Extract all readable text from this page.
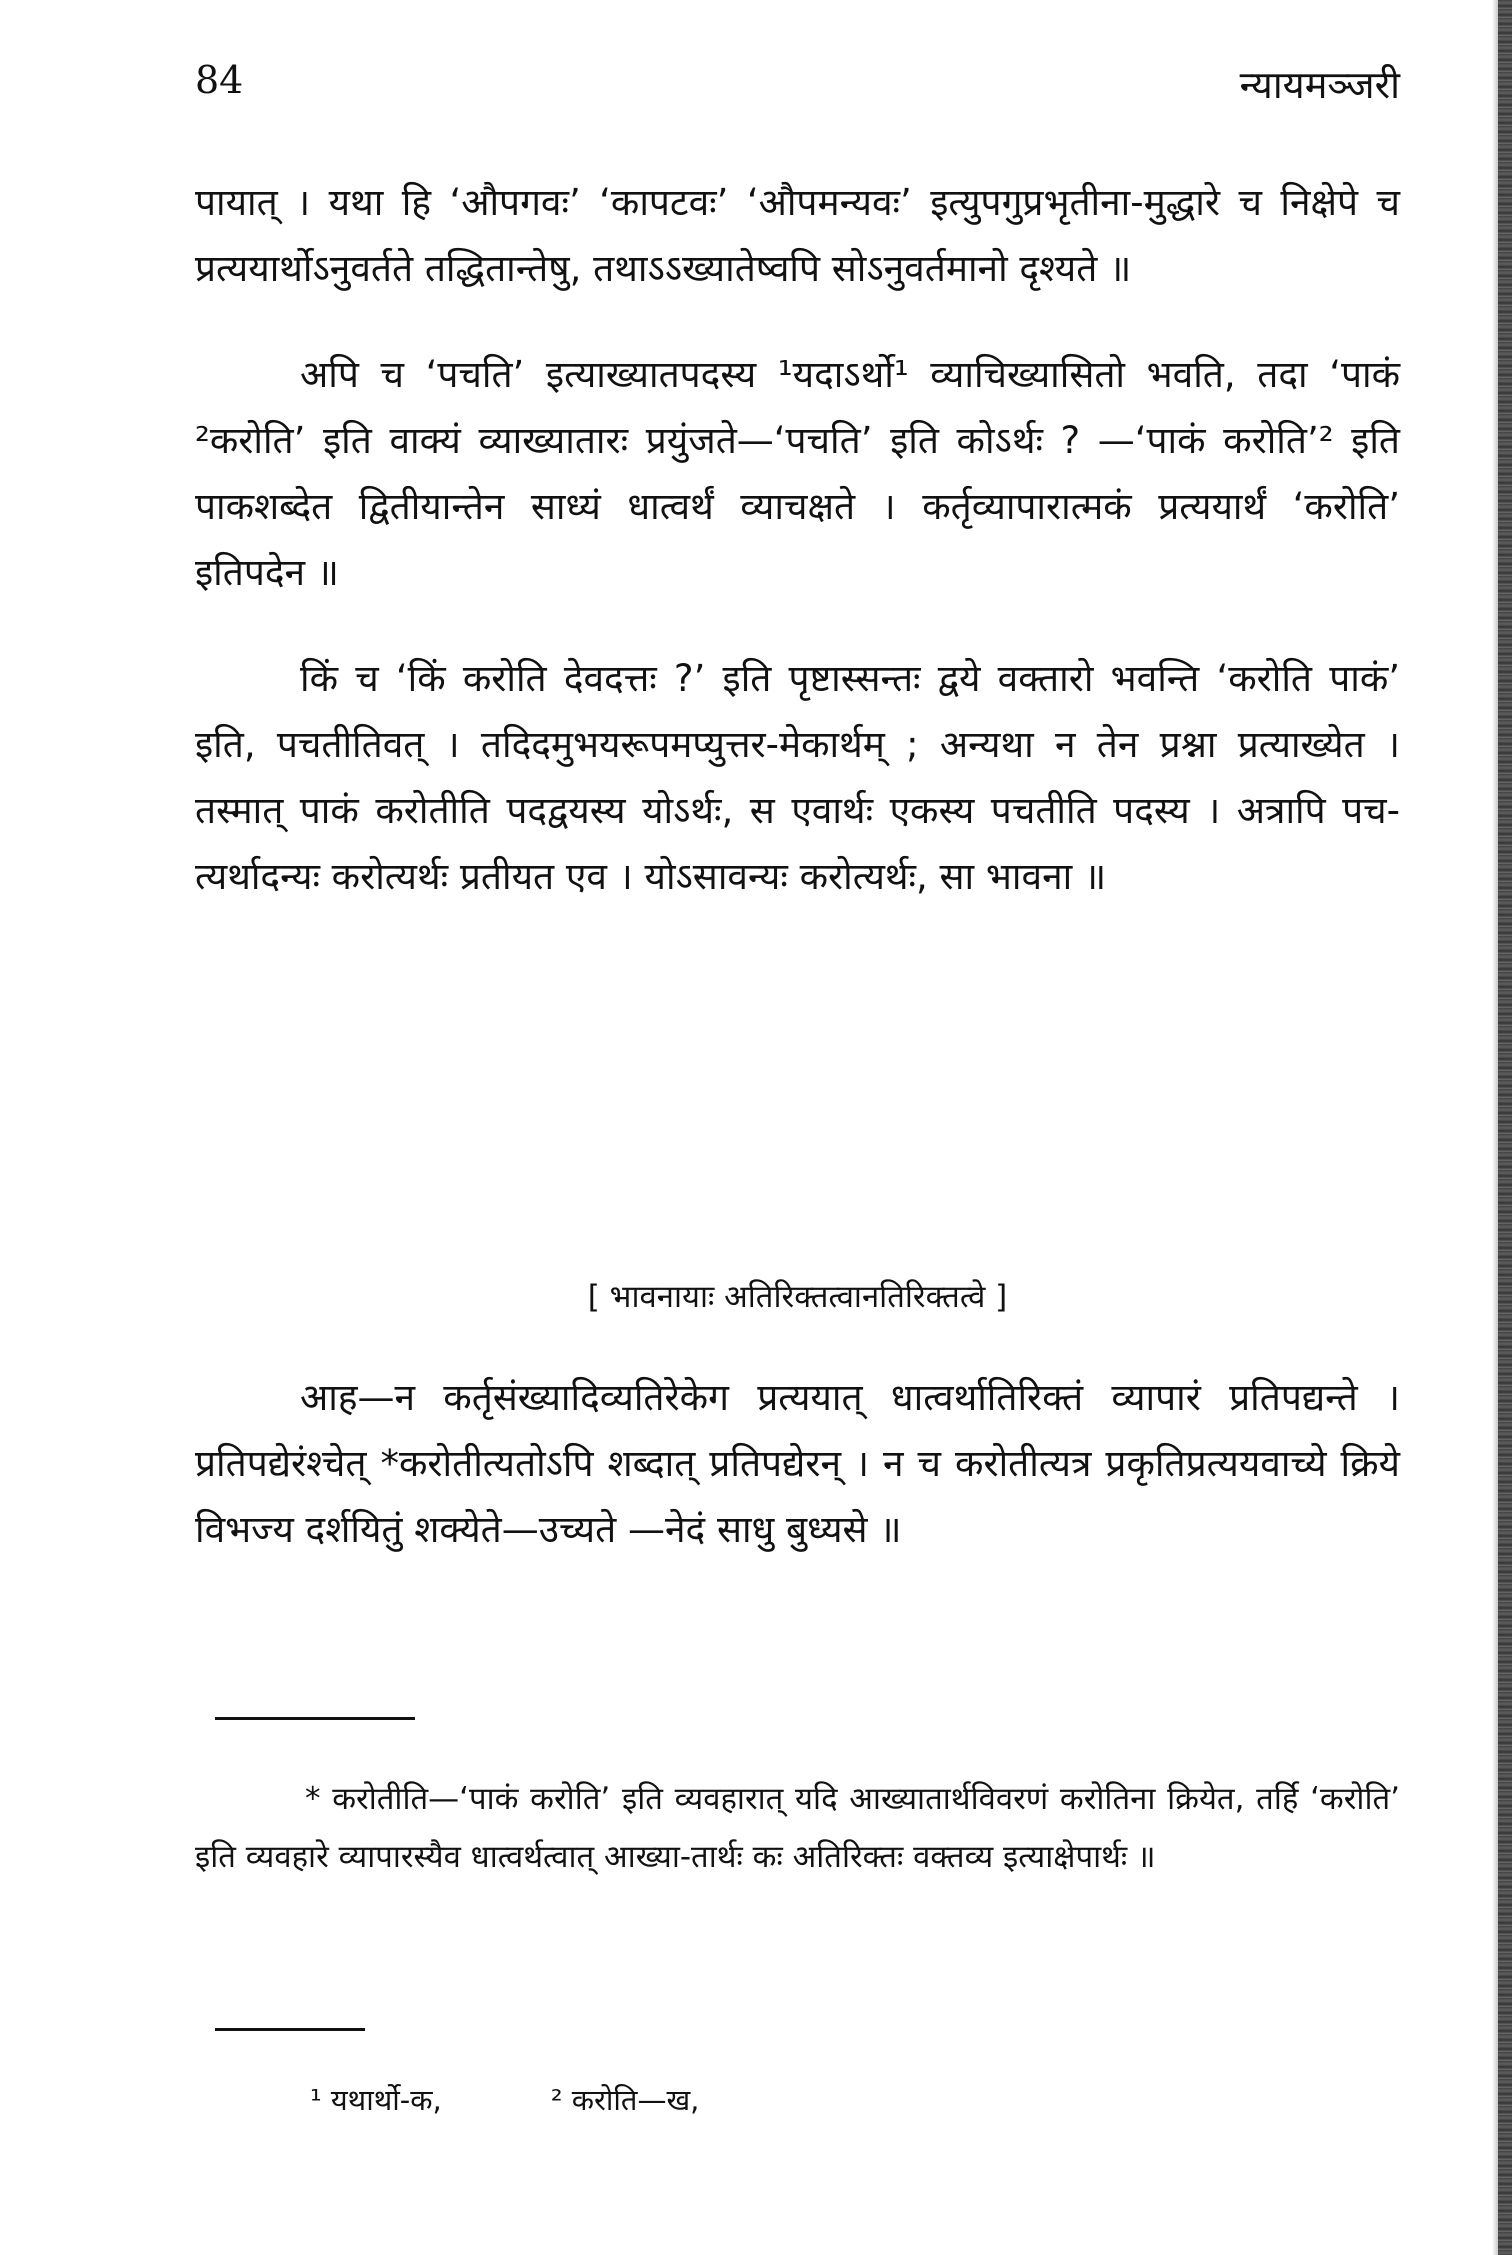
84	न्यायमञ्जरी

पायात् । यथा हि ‘औपगवः’ ‘कापटवः’ ‘औपमन्यवः’ इत्युपगुप्रभृतीना-मुद्धारे च निक्षेपे च प्रत्ययार्थोऽनुवर्तते तद्धितान्तेषु, तथाऽऽख्यातेष्वपि सोऽनुवर्तमानो दृश्यते ॥

अपि च ‘पचति’ इत्याख्यातपदस्य ¹यदाऽर्थो¹ व्याचिख्यासितो भवति, तदा ‘पाकं ²करोति’ इति वाक्यं व्याख्यातारः प्रयुंजते—‘पचति’ इति कोऽर्थः ? —‘पाकं करोति’² इति पाकशब्देत द्वितीयान्तेन साध्यं धात्वर्थं व्याचक्षते । कर्तृव्यापारात्मकं प्रत्ययार्थं ‘करोति’ इतिपदेन ॥

किं च ‘किं करोति देवदत्तः ?’ इति पृष्टास्सन्तः द्वये वक्तारो भवन्ति ‘करोति पाकं’ इति, पचतीतिवत् । तदिदमुभयरूपमप्युत्तर-मेकार्थम् ; अन्यथा न तेन प्रश्ना प्रत्याख्येत । तस्मात् पाकं करोतीति पदद्वयस्य योऽर्थः, स एवार्थः एकस्य पचतीति पदस्य । अत्रापि पच-त्यर्थादन्यः करोत्यर्थः प्रतीयत एव । योऽसावन्यः करोत्यर्थः, सा भावना ॥

[ भावनायाः अतिरिक्तत्वानतिरिक्तत्वे ]

आह—न कर्तृसंख्यादिव्यतिरेकेग प्रत्ययात् धात्वर्थातिरिक्तं व्यापारं प्रतिपद्यन्ते । प्रतिपद्येरंश्चेत् *करोतीत्यतोऽपि शब्दात् प्रतिपद्येरन् । न च करोतीत्यत्र प्रकृतिप्रत्ययवाच्ये क्रिये विभज्य दर्शयितुं शक्येते—उच्यते —नेदं साधु बुध्यसे ॥

* करोतीति—‘पाकं करोति’ इति व्यवहारात् यदि आख्यातार्थविवरणं करोतिना क्रियेत, तर्हि ‘करोति’ इति व्यवहारे व्यापारस्यैव धात्वर्थत्वात् आख्या-तार्थः कः अतिरिक्तः वक्तव्य इत्याक्षेपार्थः ॥

¹ यथार्थो-क,	² करोति—ख,
